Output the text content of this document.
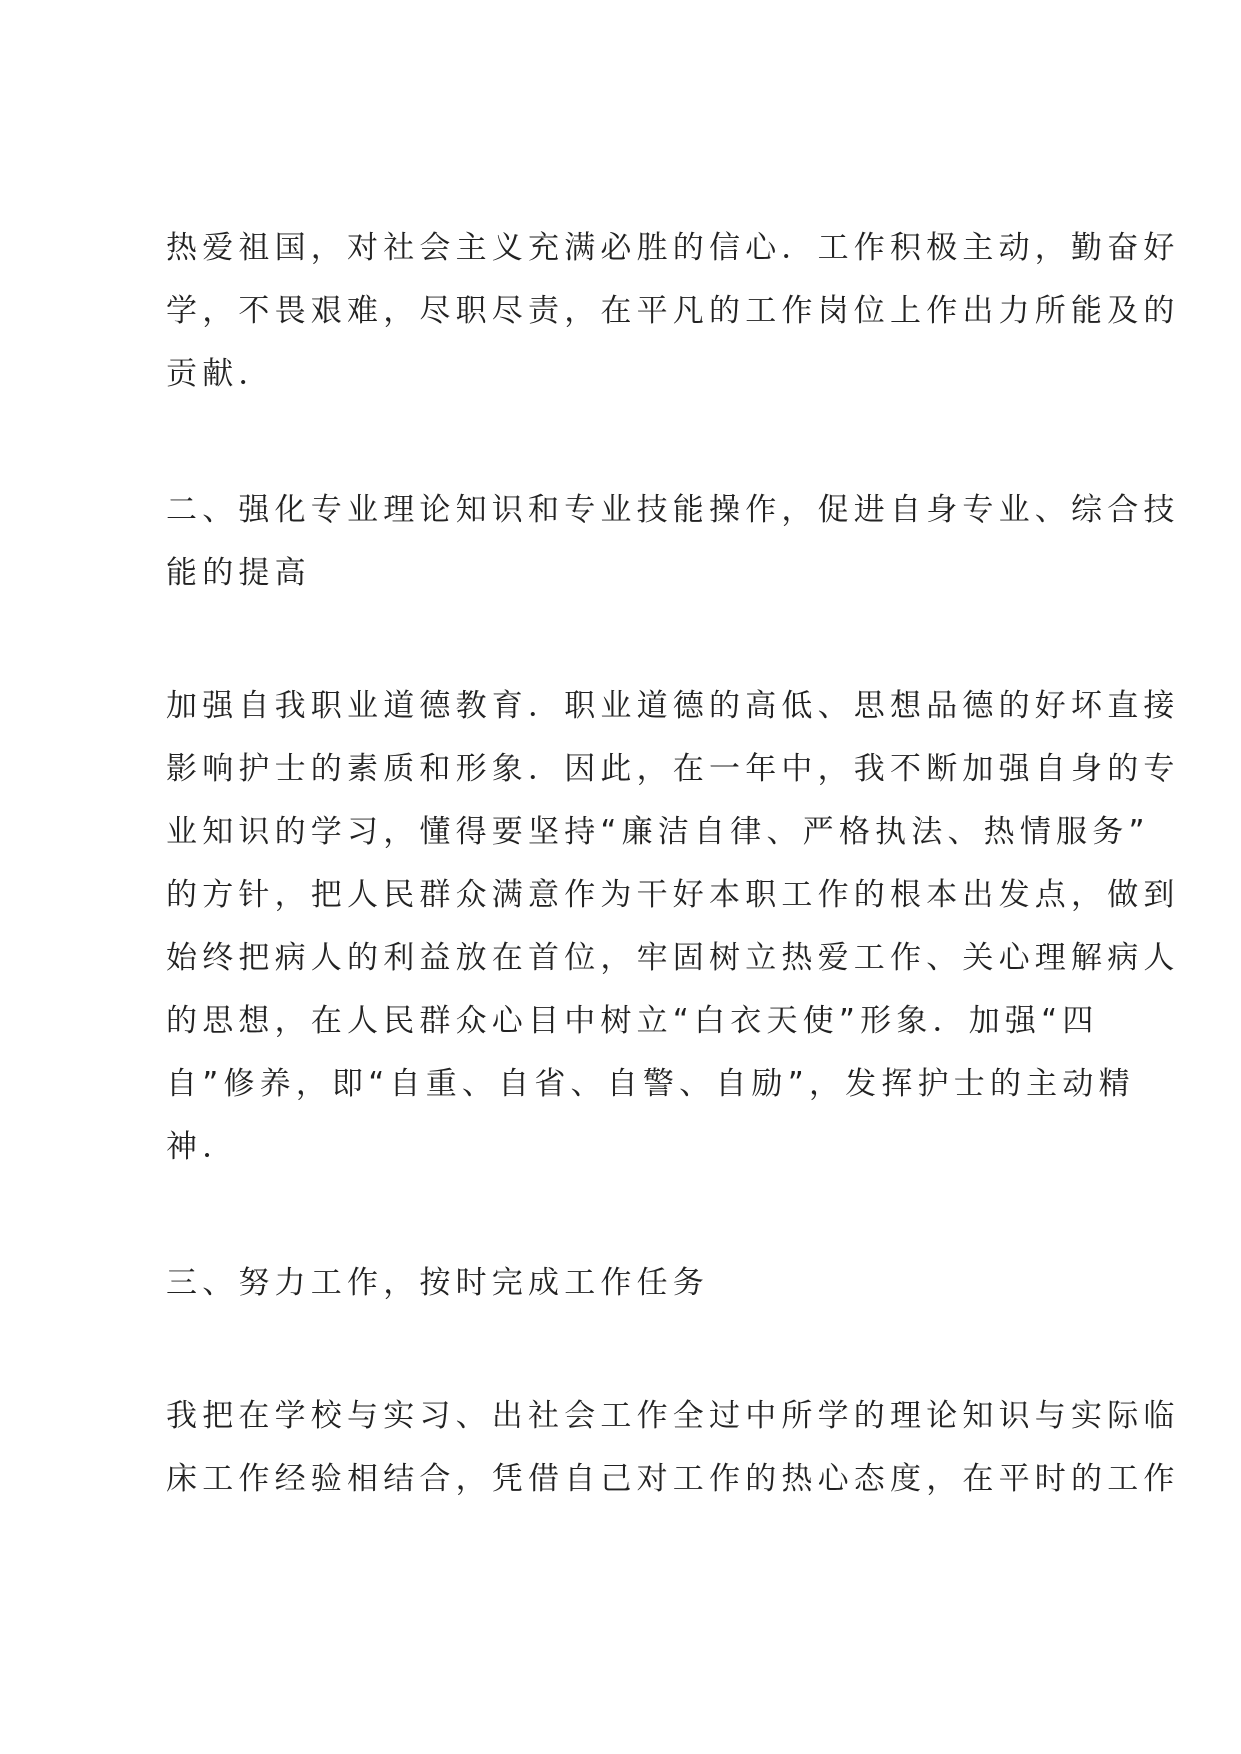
热爱祖国，对社会主义充满必胜的信心．工作积极主动，勤奋好
学，不畏艰难，尽职尽责，在平凡的工作岗位上作出力所能及的
贡献．
二、强化专业理论知识和专业技能操作，促进自身专业、综合技
能的提高
加强自我职业道德教育．职业道德的高低、思想品德的好坏直接
影响护士的素质和形象．因此，在一年中，我不断加强自身的专
业知识的学习，懂得要坚持“廉洁自律、严格执法、热情服务”
的方针，把人民群众满意作为干好本职工作的根本出发点，做到
始终把病人的利益放在首位，牢固树立热爱工作、关心理解病人
的思想，在人民群众心目中树立“白衣天使”形象．加强“四
自”修养，即“自重、自省、自警、自励”，发挥护士的主动精
神．
三、努力工作，按时完成工作任务
我把在学校与实习、出社会工作全过中所学的理论知识与实际临
床工作经验相结合，凭借自己对工作的热心态度，在平时的工作
